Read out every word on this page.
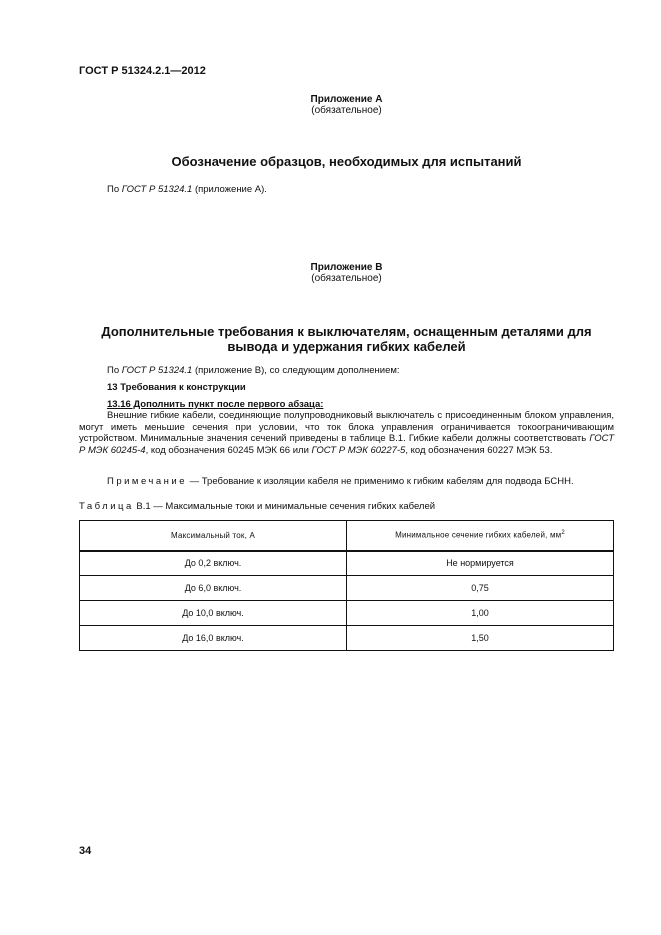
ГОСТ Р 51324.2.1—2012
Приложение А
(обязательное)
Обозначение образцов, необходимых для испытаний
По ГОСТ Р 51324.1 (приложение А).
Приложение В
(обязательное)
Дополнительные требования к выключателям, оснащенным деталями для
вывода и удержания гибких кабелей
По ГОСТ Р 51324.1 (приложение В), со следующим дополнением:
13 Требования к конструкции
13.16 Дополнить пункт после первого абзаца:
Внешние гибкие кабели, соединяющие полупроводниковый выключатель с присоединенным блоком управления, могут иметь меньшие сечения при условии, что ток блока управления ограничивается токоограничивающим устройством. Минимальные значения сечений приведены в таблице В.1. Гибкие кабели должны соответствовать ГОСТ Р МЭК 60245-4, код обозначения 60245 МЭК 66 или ГОСТ Р МЭК 60227-5, код обозначения 60227 МЭК 53.
Примечание — Требование к изоляции кабеля не применимо к гибким кабелям для подвода БСНН.
Таблица В.1 — Максимальные токи и минимальные сечения гибких кабелей
Максимальный ток, А	Минимальное сечение гибких кабелей, $мм^2$
До 0,2 включ.	Не нормируется
До 6,0 включ.	0,75
До 10,0 включ.	1,00
До 16,0 включ.	1,50
34
